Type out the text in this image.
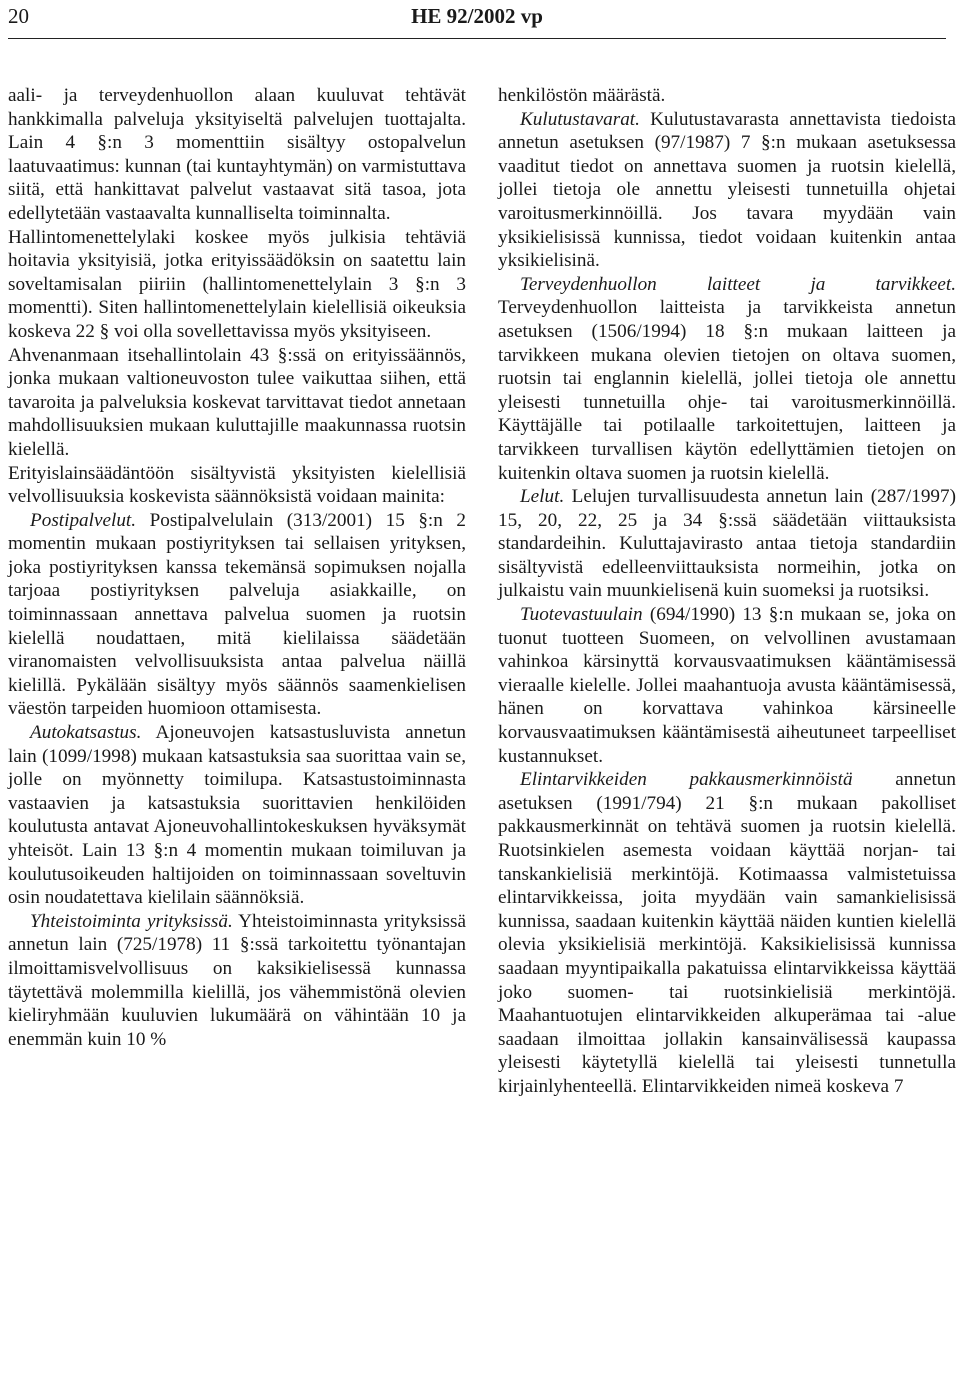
20	HE 92/2002 vp

aali- ja terveydenhuollon alaan kuuluvat tehtävät hankkimalla palveluja yksityiseltä palvelujen tuottajalta. Lain 4 §:n 3 momenttiin sisältyy ostopalvelun laatuvaatimus: kunnan (tai kuntayhtymän) on varmistuttava siitä, että hankittavat palvelut vastaavat sitä tasoa, jota edellytetään vastaavalta kunnalliselta toiminnalta.

Hallintomenettelylaki koskee myös julkisia tehtäviä hoitavia yksityisiä, jotka erityissäädöksin on saatettu lain soveltamisalan piiriin (hallintomenettelylain 3 §:n 3 momentti). Siten hallintomenettelylain kielellisiä oikeuksia koskeva 22 § voi olla sovellettavissa myös yksityiseen.

Ahvenanmaan itsehallintolain 43 §:ssä on erityissäännös, jonka mukaan valtioneuvoston tulee vaikuttaa siihen, että tavaroita ja palveluksia koskevat tarvittavat tiedot annetaan mahdollisuuksien mukaan kuluttajille maakunnassa ruotsin kielellä.

Erityislainsäädäntöön sisältyvistä yksityisten kielellisiä velvollisuuksia koskevista säännöksistä voidaan mainita:

Postipalvelut. Postipalvelulain (313/2001) 15 §:n 2 momentin mukaan postiyrityksen tai sellaisen yrityksen, joka postiyrityksen kanssa tekemänsä sopimuksen nojalla tarjoaa postiyrityksen palveluja asiakkaille, on toiminnassaan annettava palvelua suomen ja ruotsin kielellä noudattaen, mitä kielilaissa säädetään viranomaisten velvollisuuksista antaa palvelua näillä kielillä. Pykälään sisältyy myös säännös saamenkielisen väestön tarpeiden huomioon ottamisesta.

Autokatsastus. Ajoneuvojen katsastusluvista annetun lain (1099/1998) mukaan katsastuksia saa suorittaa vain se, jolle on myönnetty toimilupa. Katsastustoiminnasta vastaavien ja katsastuksia suorittavien henkilöiden koulutusta antavat Ajoneuvohallintokeskuksen hyväksymät yhteisöt. Lain 13 §:n 4 momentin mukaan toimiluvan ja koulutusoikeuden haltijoiden on toiminnassaan soveltuvin osin noudatettava kielilain säännöksiä.

Yhteistoiminta yrityksissä. Yhteistoiminnasta yrityksissä annetun lain (725/1978) 11 §:ssä tarkoitettu työnantajan ilmoittamisvelvollisuus on kaksikielisessä kunnassa täytettävä molemmilla kielillä, jos vähemmistönä olevien kieliryhmään kuuluvien lukumäärä on vähintään 10 ja enemmän kuin 10 %

henkilöstön määrästä.

Kulutustavarat. Kulutustavarasta annettavista tiedoista annetun asetuksen (97/1987) 7 §:n mukaan asetuksessa vaaditut tiedot on annettava suomen ja ruotsin kielellä, jollei tietoja ole annettu yleisesti tunnetuilla ohjetai varoitusmerkinnöillä. Jos tavara myydään vain yksikielisissä kunnissa, tiedot voidaan kuitenkin antaa yksikielisinä.

Terveydenhuollon laitteet ja tarvikkeet. Terveydenhuollon laitteista ja tarvikkeista annetun asetuksen (1506/1994) 18 §:n mukaan laitteen ja tarvikkeen mukana olevien tietojen on oltava suomen, ruotsin tai englannin kielellä, jollei tietoja ole annettu yleisesti tunnetuilla ohje- tai varoitusmerkinnöillä. Käyttäjälle tai potilaalle tarkoitettujen, laitteen ja tarvikkeen turvallisen käytön edellyttämien tietojen on kuitenkin oltava suomen ja ruotsin kielellä.

Lelut. Lelujen turvallisuudesta annetun lain (287/1997) 15, 20, 22, 25 ja 34 §:ssä säädetään viittauksista standardeihin. Kuluttajavirasto antaa tietoja standardiin sisältyvistä edelleenviittauksista normeihin, jotka on julkaistu vain muunkielisenä kuin suomeksi ja ruotsiksi.

Tuotevastuulain (694/1990) 13 §:n mukaan se, joka on tuonut tuotteen Suomeen, on velvollinen avustamaan vahinkoa kärsinyttä korvausvaatimuksen kääntämisessä vieraalle kielelle. Jollei maahantuoja avusta kääntämisessä, hänen on korvattava vahinkoa kärsineelle korvausvaatimuksen kääntämisestä aiheutuneet tarpeelliset kustannukset.

Elintarvikkeiden pakkausmerkinnöistä annetun asetuksen (1991/794) 21 §:n mukaan pakolliset pakkausmerkinnät on tehtävä suomen ja ruotsin kielellä. Ruotsinkielen asemesta voidaan käyttää norjan- tai tanskankielisiä merkintöjä. Kotimaassa valmistetuissa elintarvikkeissa, joita myydään vain samankielisissä kunnissa, saadaan kuitenkin käyttää näiden kuntien kielellä olevia yksikielisiä merkintöjä. Kaksikielisissä kunnissa saadaan myyntipaikalla pakatuissa elintarvikkeissa käyttää joko suomen- tai ruotsinkielisiä merkintöjä. Maahantuotujen elintarvikkeiden alkuperämaa tai -alue saadaan ilmoittaa jollakin kansainvälisessä kaupassa yleisesti käytetyllä kielellä tai yleisesti tunnetulla kirjainlyhenteellä. Elintarvikkeiden nimeä koskeva 7
